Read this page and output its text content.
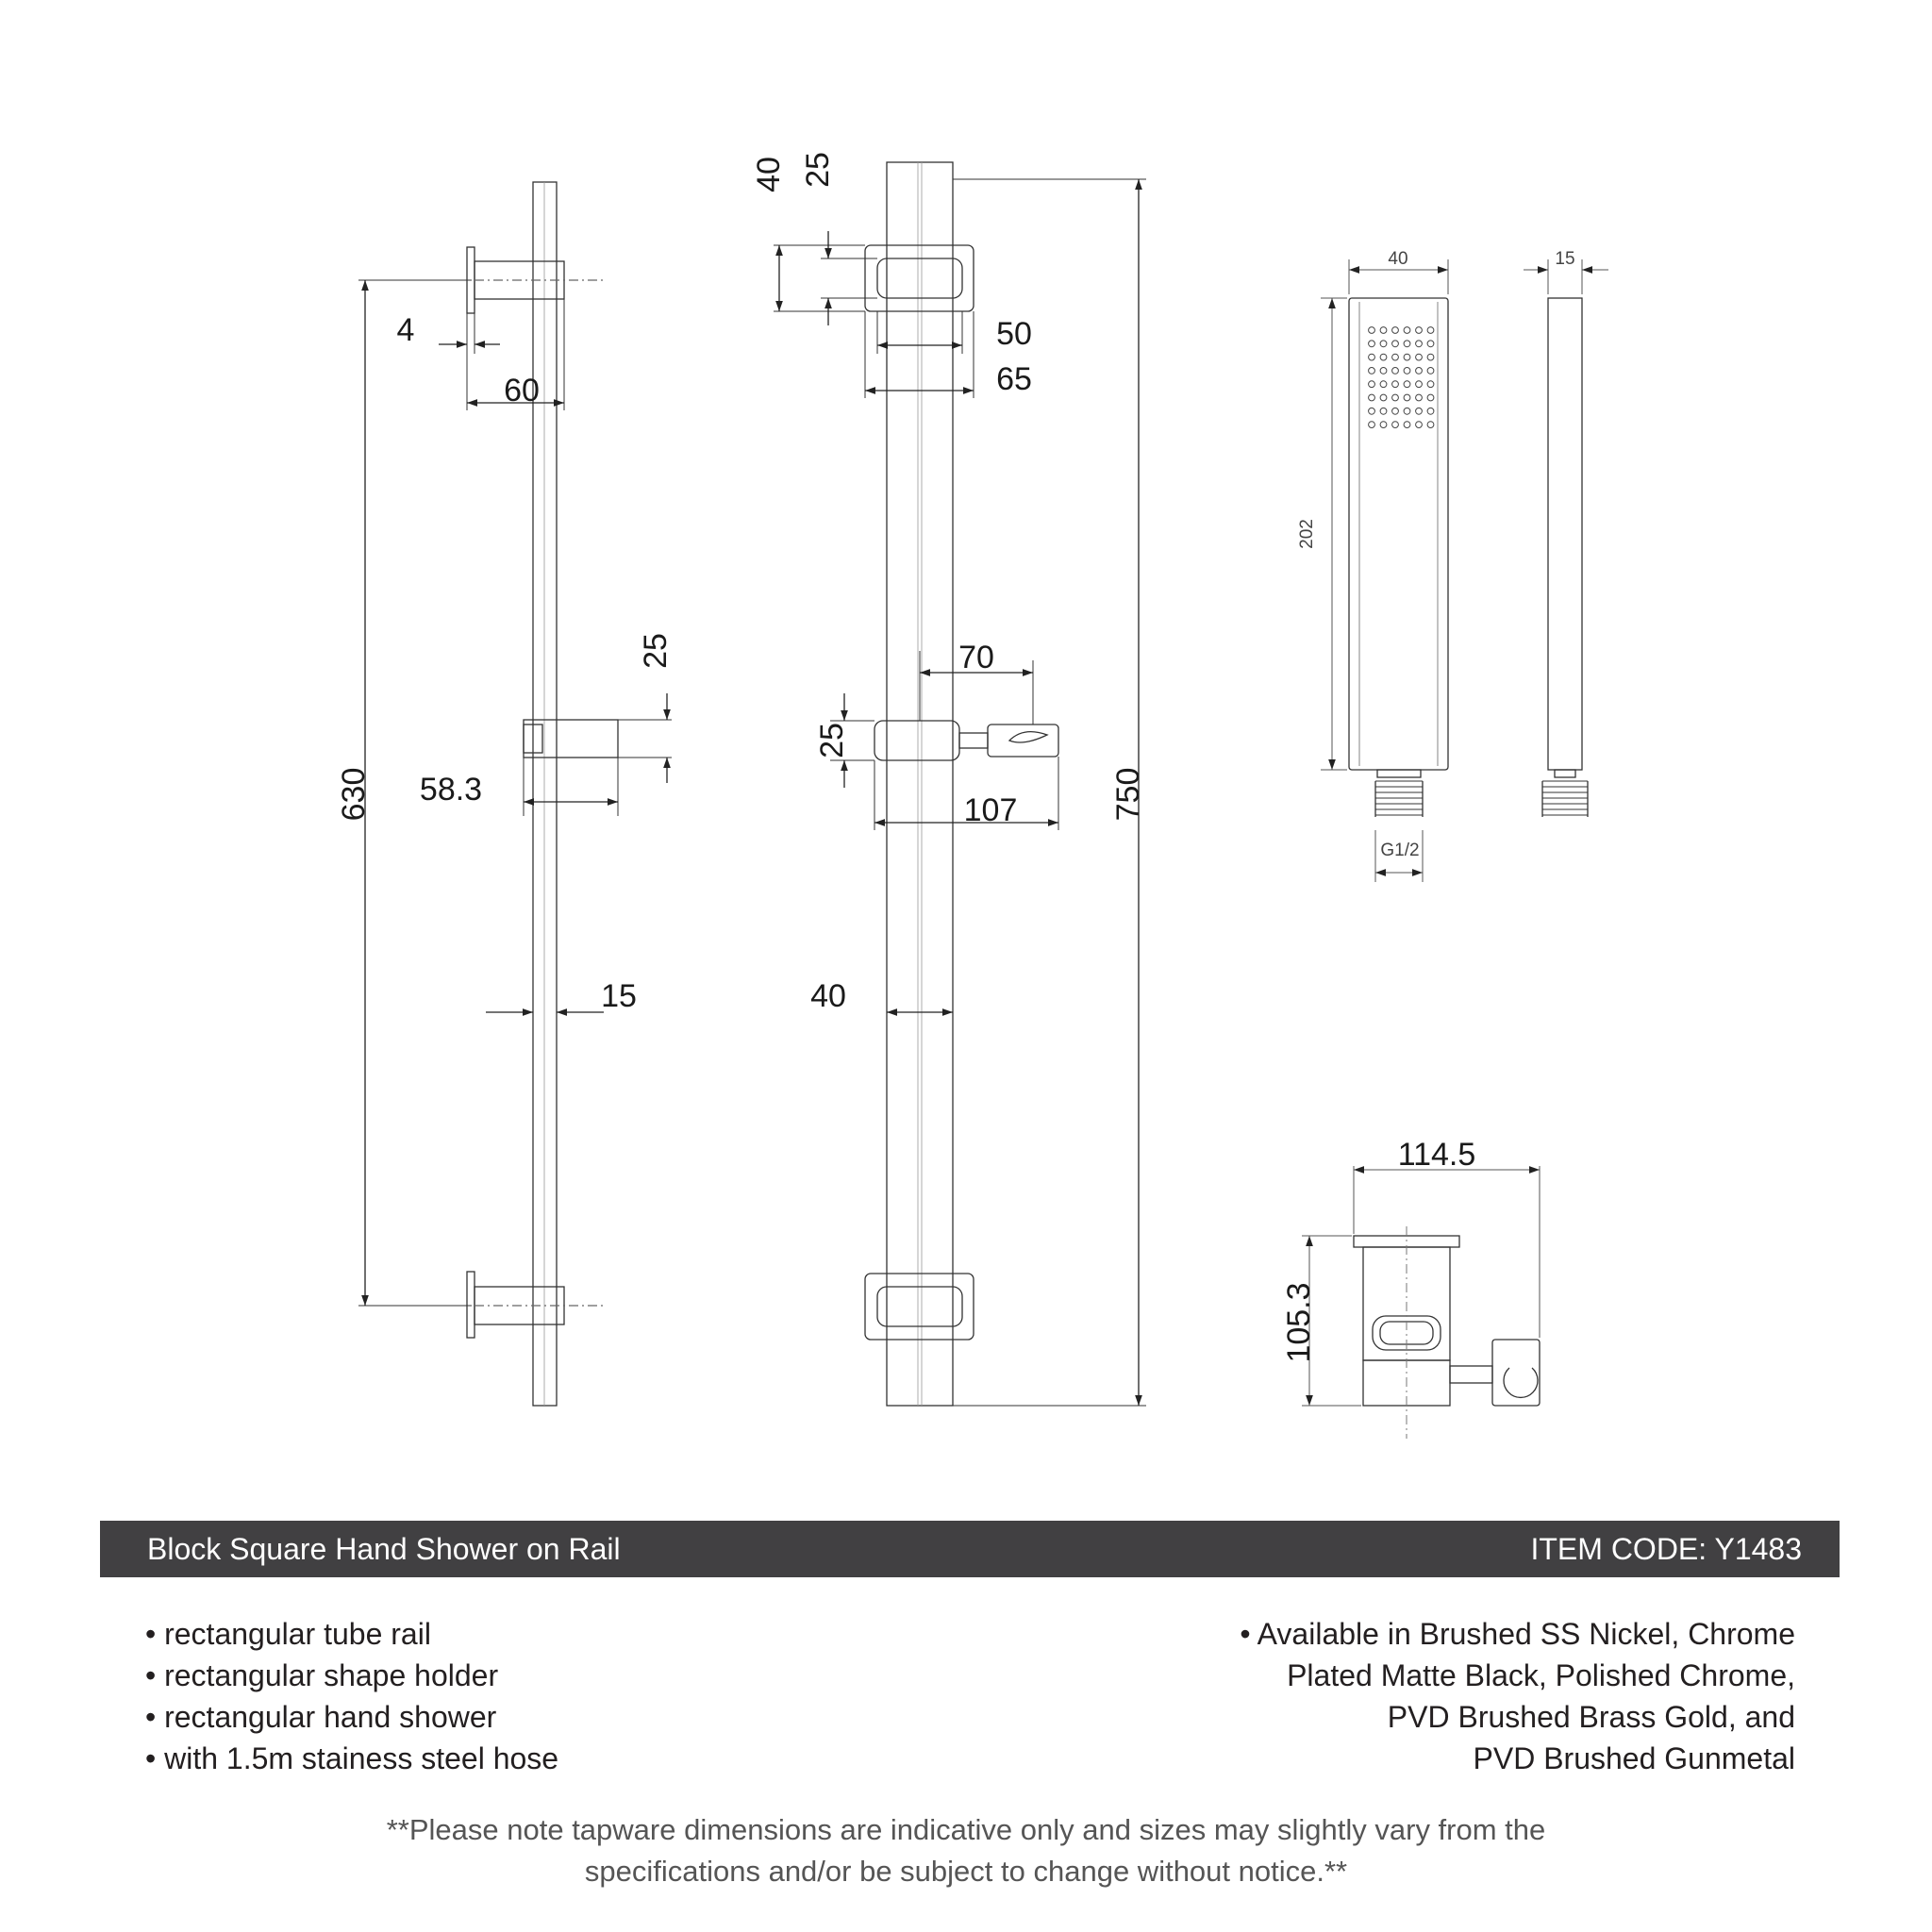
630
4
60
25
58.3
15
750
40 25
50
65
70
25
107
40
40	15
202
G1/2
114.5
105.3
Block Square Hand Shower on Rail	ITEM CODE: Y1483
• rectangular tube rail
• rectangular shape holder
• rectangular hand shower
• with 1.5m stainess steel hose
• Available in Brushed SS Nickel, Chrome
Plated Matte Black, Polished Chrome,
PVD Brushed Brass Gold, and
PVD Brushed Gunmetal
**Please note tapware dimensions are indicative only and sizes may slightly vary from the
specifications and/or be subject to change without notice.**
